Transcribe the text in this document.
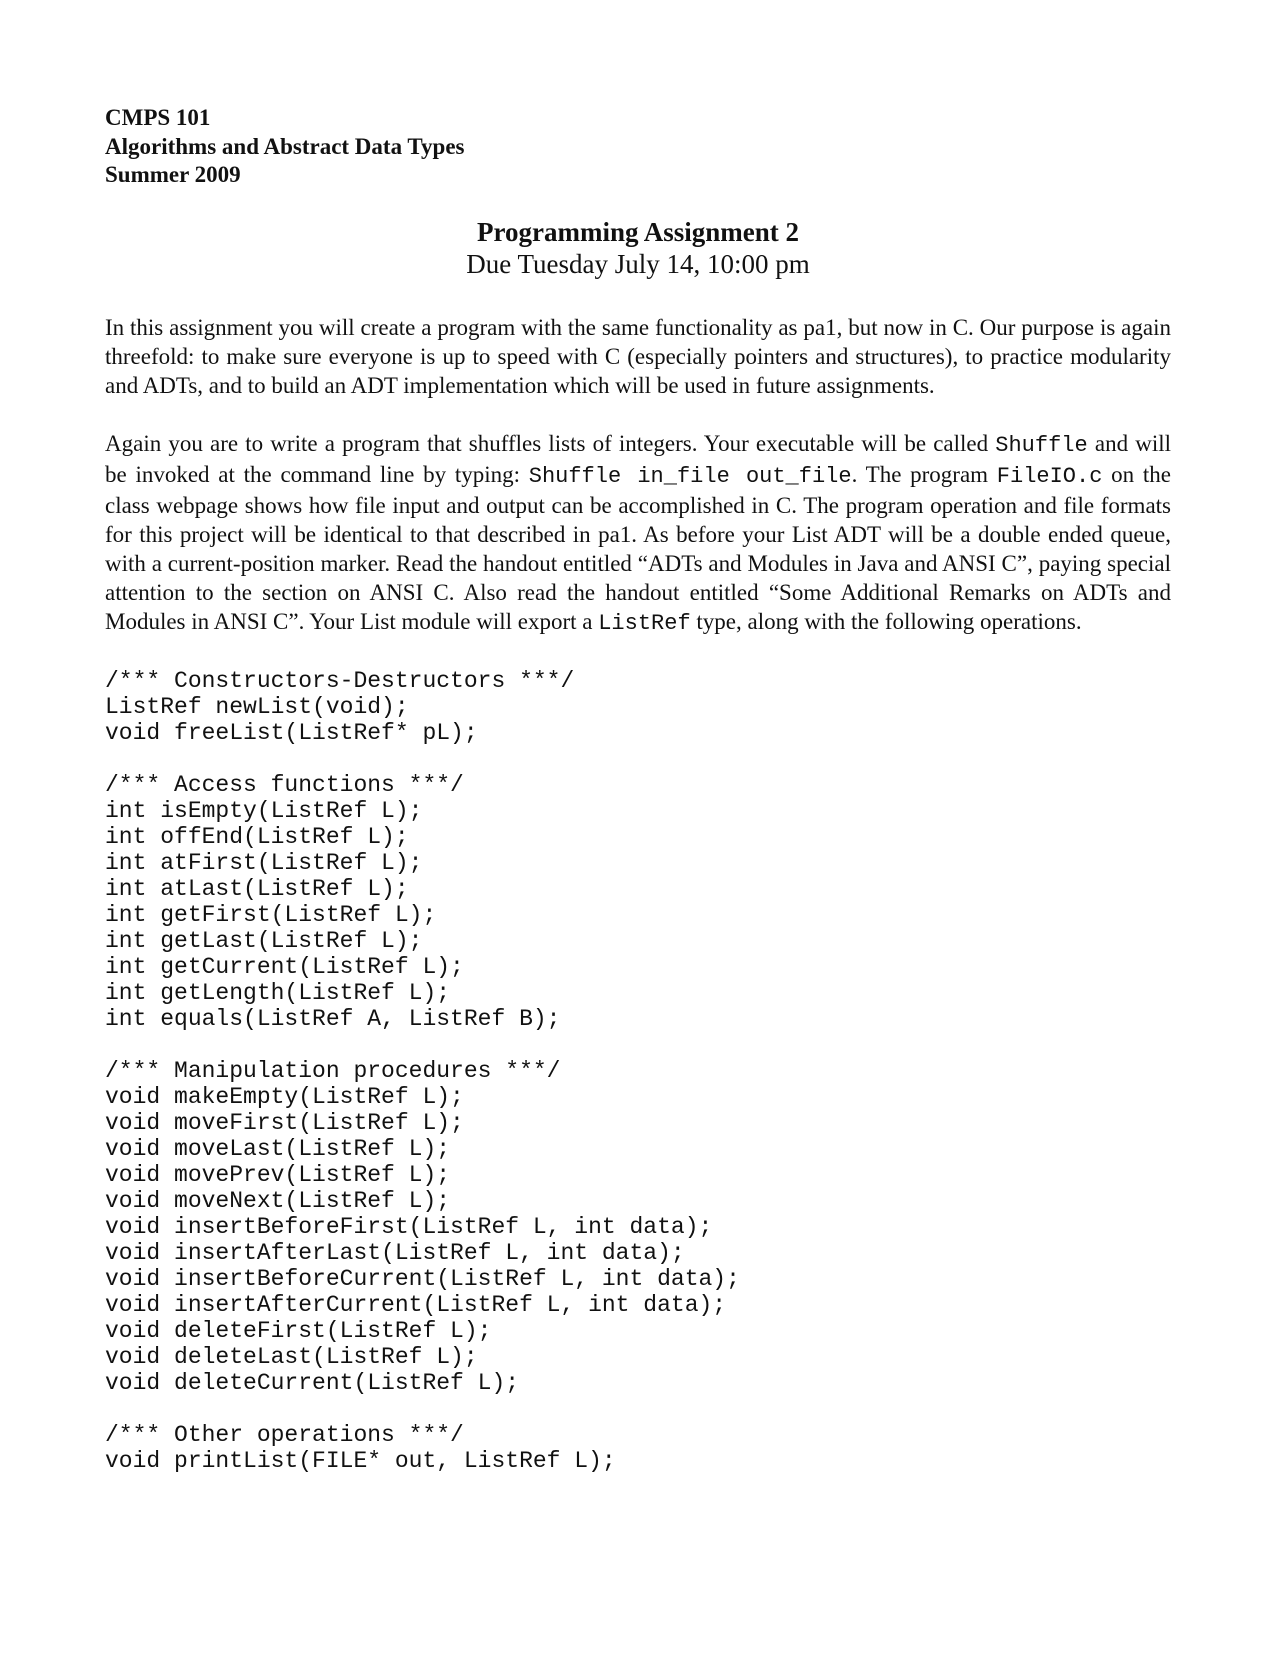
CMPS 101
Algorithms and Abstract Data Types
Summer 2009
Programming Assignment 2
Due Tuesday July 14, 10:00 pm

In this assignment you will create a program with the same functionality as pa1, but now in C. Our purpose is again threefold: to make sure everyone is up to speed with C (especially pointers and structures), to practice modularity and ADTs, and to build an ADT implementation which will be used in future assignments.

Again you are to write a program that shuffles lists of integers. Your executable will be called Shuffle and will be invoked at the command line by typing: Shuffle in_file out_file. The program FileIO.c on the class webpage shows how file input and output can be accomplished in C. The program operation and file formats for this project will be identical to that described in pa1. As before your List ADT will be a double ended queue, with a current-position marker. Read the handout entitled “ADTs and Modules in Java and ANSI C”, paying special attention to the section on ANSI C. Also read the handout entitled “Some Additional Remarks on ADTs and Modules in ANSI C”. Your List module will export a ListRef type, along with the following operations.

/*** Constructors-Destructors ***/
ListRef newList(void);
void freeList(ListRef* pL);
/*** Access functions ***/
int isEmpty(ListRef L);
int offEnd(ListRef L);
int atFirst(ListRef L);
int atLast(ListRef L);
int getFirst(ListRef L);
int getLast(ListRef L);
int getCurrent(ListRef L);
int getLength(ListRef L);
int equals(ListRef A, ListRef B);
/*** Manipulation procedures ***/
void makeEmpty(ListRef L);
void moveFirst(ListRef L);
void moveLast(ListRef L);
void movePrev(ListRef L);
void moveNext(ListRef L);
void insertBeforeFirst(ListRef L, int data);
void insertAfterLast(ListRef L, int data);
void insertBeforeCurrent(ListRef L, int data);
void insertAfterCurrent(ListRef L, int data);
void deleteFirst(ListRef L);
void deleteLast(ListRef L);
void deleteCurrent(ListRef L);
/*** Other operations ***/
void printList(FILE* out, ListRef L);
